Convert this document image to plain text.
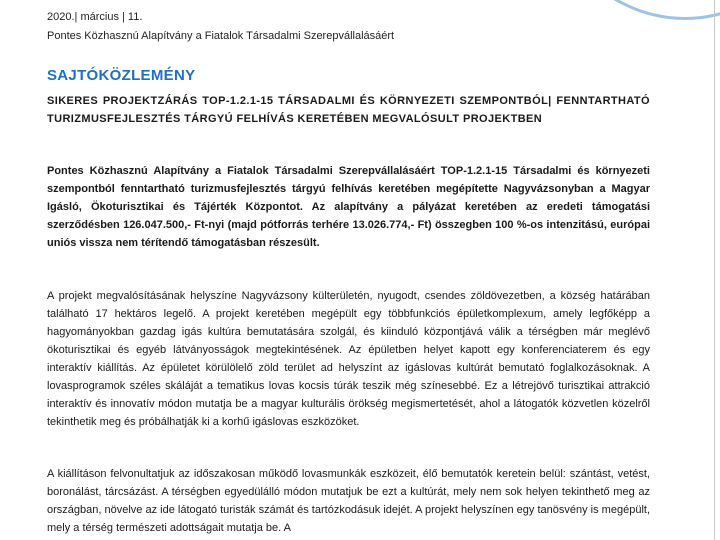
2020.| március | 11.
Pontes Közhasznú Alapítvány a Fiatalok Társadalmi Szerepvállalásáért
SAJTÓKÖZLEMÉNY
SIKERES PROJEKTZÁRÁS TOP-1.2.1-15 TÁRSADALMI ÉS KÖRNYEZETI SZEMPONTBÓL| FENNTARTHATÓ TURIZMUSFEJLESZTÉS TÁRGYÚ FELHÍVÁS KERETÉBEN MEGVALÓSULT PROJEKTBEN

Pontes Közhasznú Alapítvány a Fiatalok Társadalmi Szerepvállalásáért TOP-1.2.1-15 Társadalmi és környezeti szempontból fenntartható turizmusfejlesztés tárgyú felhívás keretében megépítette Nagyvázsonyban a Magyar Igásló, Ökoturisztikai és Tájérték Központot. Az alapítvány a pályázat keretében az eredeti támogatási szerződésben 126.047.500,- Ft-nyi (majd pótforrás terhére 13.026.774,- Ft) összegben 100 %-os intenzitású, európai uniós vissza nem térítendő támogatásban részesült.

A projekt megvalósításának helyszíne Nagyvázsony külterületén, nyugodt, csendes zöldövezetben, a község határában található 17 hektáros legelő. A projekt keretében megépült egy többfunkciós épületkomplexum, amely legfőképp a hagyományokban gazdag igás kultúra bemutatására szolgál, és kiinduló központjává válik a térségben már meglévő ökoturisztikai és egyéb látványosságok megtekintésének. Az épületben helyet kapott egy konferenciaterem és egy interaktív kiállítás. Az épületet körülölelő zöld terület ad helyszínt az igáslovas kultúrát bemutató foglalkozásoknak. A lovasprogramok széles skáláját a tematikus lovas kocsis túrák teszik még színesebbé. Ez a létrejövő turisztikai attrakció interaktív és innovatív módon mutatja be a magyar kulturális örökség megismertetését, ahol a látogatók közvetlen közelről tekinthetik meg és próbálhatják ki a korhű igáslovas eszközöket.

A kiállításon felvonultatjuk az időszakosan működő lovasmunkák eszközeit, élő bemutatók keretein belül: szántást, vetést, boronálást, tárcsázást. A térségben egyedülálló módon mutatjuk be ezt a kultúrát, mely nem sok helyen tekinthető meg az országban, növelve az ide látogató turisták számát és tartózkodásuk idejét. A projekt helyszínen egy tanösvény is megépült, mely a térség természeti adottságait mutatja be. A
